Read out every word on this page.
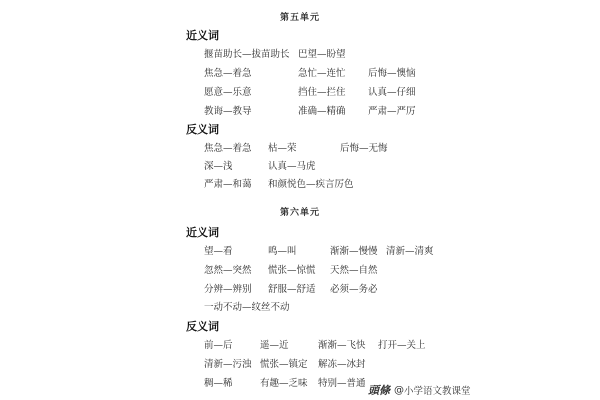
第五单元
近义词
揠苗助长—拔苗助长 巴望—盼望
焦急—着急	急忙—连忙 后悔—懊恼
愿意—乐意	挡住—拦住 认真—仔细
教诲—教导	准确—精确 严肃—严厉
反义词
焦急—着急 枯—荣	后悔—无悔
深—浅	认真—马虎
严肃—和蔼 和颜悦色—疾言厉色
第六单元
近义词
望—看	鸣—叫	渐渐—慢慢 清新—清爽
忽然—突然 慌张—惊慌 天然—自然
分辨—辨别 舒服—舒适 必须—务必
一动不动—纹丝不动
反义词
前—后	遥—近	渐渐—飞快 打开—关上
清新—污浊 慌张—镇定 解冻—冰封
稠—稀	有趣—乏味 特别—普通
頭條 @ 小学语文教课堂
